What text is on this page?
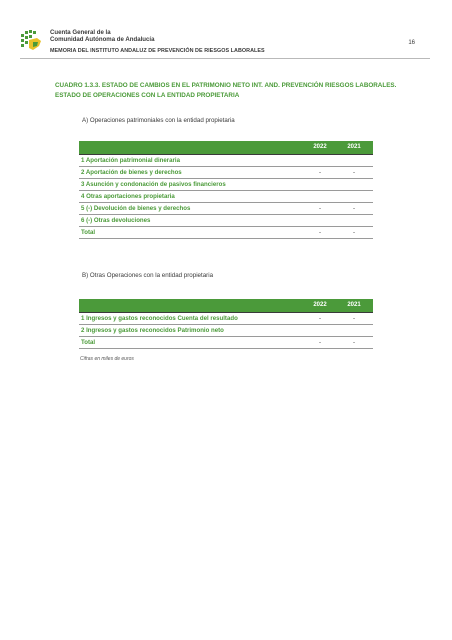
Cuenta General de la
Comunidad Autónoma de Andalucía
MEMORIA DEL INSTITUTO ANDALUZ DE PREVENCIÓN DE RIESGOS LABORALES
16
CUADRO 1.3.3. ESTADO DE CAMBIOS EN EL PATRIMONIO NETO INT. AND. PREVENCIÓN RIESGOS LABORALES.
ESTADO DE OPERACIONES CON LA ENTIDAD PROPIETARIA
A) Operaciones patrimoniales con la entidad propietaria
2022	2021
1 Aportación patrimonial dineraria
2 Aportación de bienes y derechos	-	-
3 Asunción y condonación de pasivos financieros
4 Otras aportaciones propietaria
5 (-) Devolución de bienes y derechos	-	-
6 (-) Otras devoluciones
Total	-	-
B) Otras Operaciones con la entidad propietaria
2022	2021
1 Ingresos y gastos reconocidos Cuenta del resultado	-	-
2 Ingresos y gastos reconocidos Patrimonio neto
Total	-	-
Cifras en miles de euros
